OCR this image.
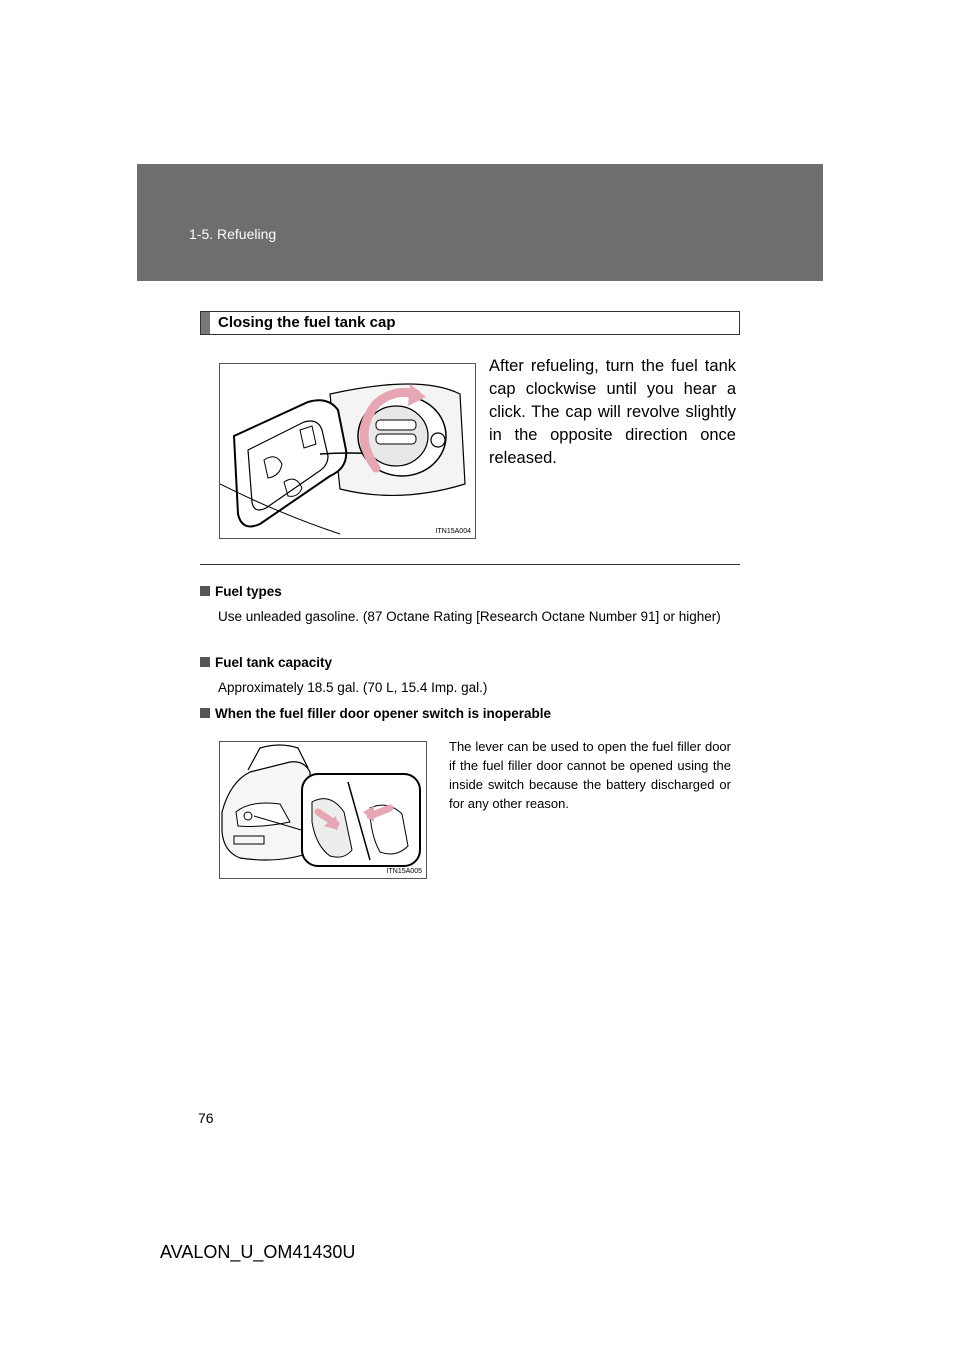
1-5. Refueling
Closing the fuel tank cap
ITN15A004
After refueling, turn the fuel tank cap clockwise until you hear a click. The cap will revolve slightly in the opposite direction once released.
Fuel types
Use unleaded gasoline. (87 Octane Rating [Research Octane Number 91] or higher)
Fuel tank capacity
Approximately 18.5 gal. (70 L, 15.4 Imp. gal.)
When the fuel filler door opener switch is inoperable
ITN15A005
The lever can be used to open the fuel filler door if the fuel filler door cannot be opened using the inside switch because the battery discharged or for any other reason.
76
AVALON_U_OM41430U
